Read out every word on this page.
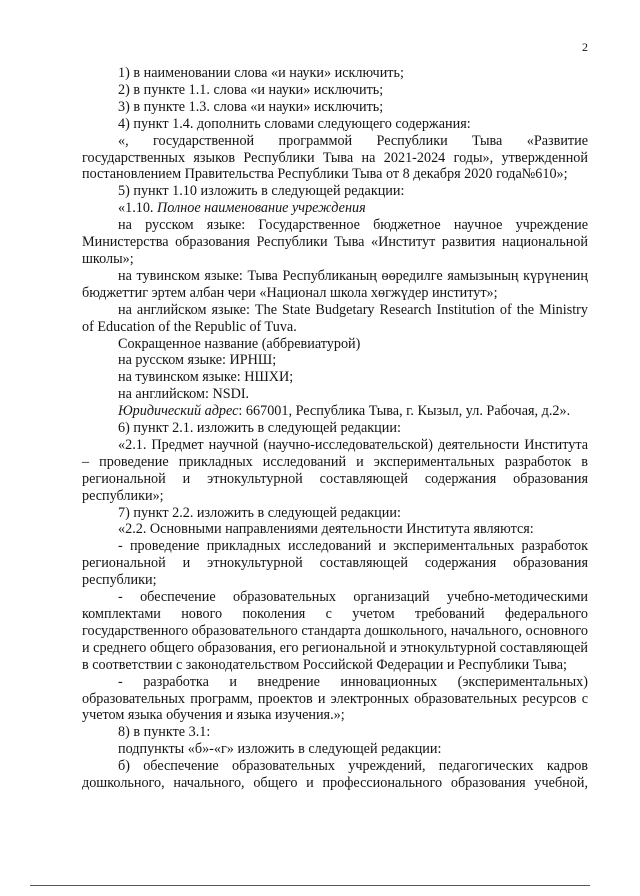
2

1) в наименовании слова «и науки» исключить;

2) в пункте 1.1. слова «и науки» исключить;

3) в пункте 1.3. слова «и науки» исключить;

4) пункт 1.4. дополнить словами следующего содержания:

«, государственной программой Республики Тыва «Развитие государственных языков Республики Тыва на 2021-2024 годы», утвержденной постановлением Правительства Республики Тыва от 8 декабря 2020 года№610»;

5) пункт 1.10 изложить в следующей редакции:

«1.10. Полное наименование учреждения

на русском языке: Государственное бюджетное научное учреждение Министерства образования Республики Тыва «Институт развития национальной школы»;

на тувинском языке: Тыва Республиканың өөредилге яамызының күрүнениң бюджеттиг эртем албан чери «Национал школа хөгжүдер институт»;

на английском языке: The State Budgetary Research Institution of the Ministry of Education of the Republic of Tuva.

Сокращенное название (аббревиатурой)

на русском языке: ИРНШ;

на тувинском языке: НШХИ;

на английском: NSDI.

Юридический адрес: 667001, Республика Тыва, г. Кызыл, ул. Рабочая, д.2».

6) пункт 2.1. изложить в следующей редакции:

«2.1. Предмет научной (научно-исследовательской) деятельности Института – проведение прикладных исследований и экспериментальных разработок в региональной и этнокультурной составляющей содержания образования республики»;

7) пункт 2.2. изложить в следующей редакции:

«2.2. Основными направлениями деятельности Института являются:

- проведение прикладных исследований и экспериментальных разработок региональной и этнокультурной составляющей содержания образования республики;

- обеспечение образовательных организаций учебно-методическими комплектами нового поколения с учетом требований федерального государственного образовательного стандарта дошкольного, начального, основного и среднего общего образования, его региональной и этнокультурной составляющей в соответствии с законодательством Российской Федерации и Республики Тыва;

- разработка и внедрение инновационных (экспериментальных) образовательных программ, проектов и электронных образовательных ресурсов с учетом языка обучения и языка изучения.»;

8) в пункте 3.1:

подпункты «б»-«г» изложить в следующей редакции:

б) обеспечение образовательных учреждений, педагогических кадров дошкольного, начального, общего и профессионального образования учебной,
